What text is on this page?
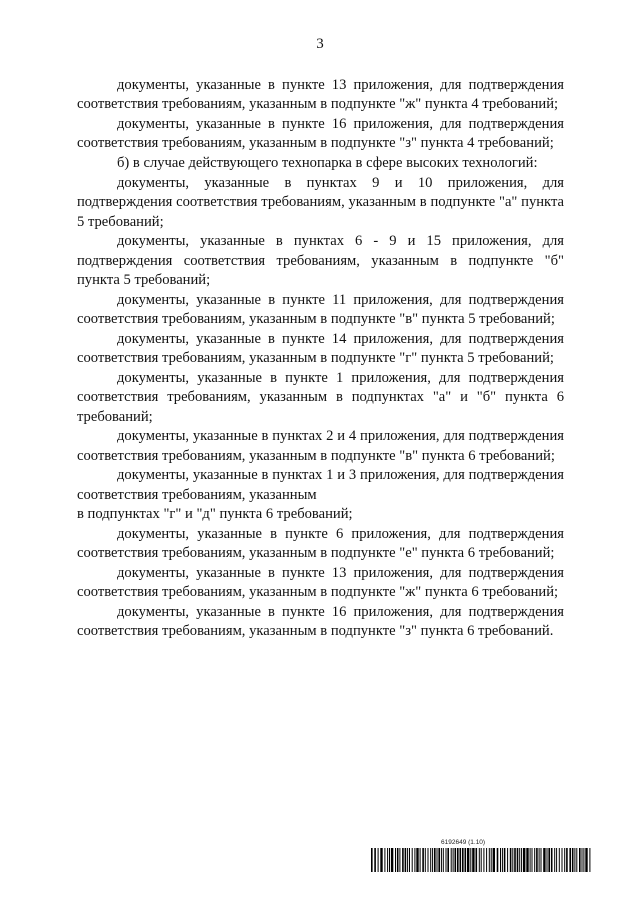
3

документы, указанные в пункте 13 приложения, для подтверждения соответствия требованиям, указанным в подпункте "ж" пункта 4 требований;

документы, указанные в пункте 16 приложения, для подтверждения соответствия требованиям, указанным в подпункте "з" пункта 4 требований;

б) в случае действующего технопарка в сфере высоких технологий:

документы, указанные в пунктах 9 и 10 приложения, для подтверждения соответствия требованиям, указанным в подпункте "а" пункта 5 требований;

документы, указанные в пунктах 6 - 9 и 15 приложения, для подтверждения соответствия требованиям, указанным в подпункте "б" пункта 5 требований;

документы, указанные в пункте 11 приложения, для подтверждения соответствия требованиям, указанным в подпункте "в" пункта 5 требований;

документы, указанные в пункте 14 приложения, для подтверждения соответствия требованиям, указанным в подпункте "г" пункта 5 требований;

документы, указанные в пункте 1 приложения, для подтверждения соответствия требованиям, указанным в подпунктах "а" и "б" пункта 6 требований;

документы, указанные в пунктах 2 и 4 приложения, для подтверждения соответствия требованиям, указанным в подпункте "в" пункта 6 требований;

документы, указанные в пунктах 1 и 3 приложения, для подтверждения соответствия требованиям, указанным

в подпунктах "г" и "д" пункта 6 требований;

документы, указанные в пункте 6 приложения, для подтверждения соответствия требованиям, указанным в подпункте "е" пункта 6 требований;

документы, указанные в пункте 13 приложения, для подтверждения соответствия требованиям, указанным в подпункте "ж" пункта 6 требований;

документы, указанные в пункте 16 приложения, для подтверждения соответствия требованиям, указанным в подпункте "з" пункта 6 требований.

6192649 (1.10)
